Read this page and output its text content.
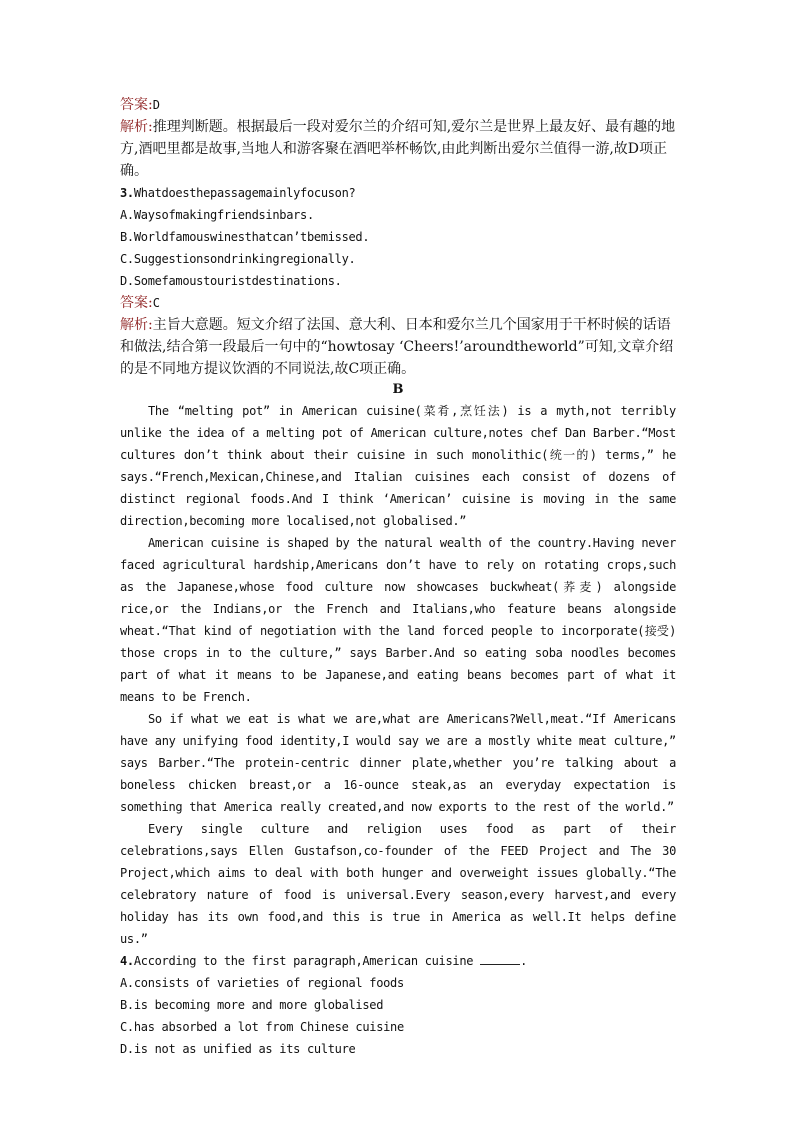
答案:D

解析:推理判断题。根据最后一段对爱尔兰的介绍可知,爱尔兰是世界上最友好、最有趣的地方,酒吧里都是故事,当地人和游客聚在酒吧举杯畅饮,由此判断出爱尔兰值得一游,故D项正确。

3.Whatdoesthepassagemainlyfocuson?

A.Waysofmakingfriendsinbars.

B.Worldfamouswinesthatcan’tbemissed.

C.Suggestionsondrinkingregionally.

D.Somefamoustouristdestinations.

答案:C

解析:主旨大意题。短文介绍了法国、意大利、日本和爱尔兰几个国家用于干杯时候的话语和做法,结合第一段最后一句中的“howtosay ‘Cheers!’aroundtheworld”可知,文章介绍的是不同地方提议饮酒的不同说法,故C项正确。

B

The “melting pot” in American cuisine(菜肴,烹饪法) is a myth,not terribly unlike the idea of a melting pot of American culture,notes chef Dan Barber.“Most cultures don’t think about their cuisine in such monolithic(统一的) terms,” he says.“French,Mexican,Chinese,and Italian cuisines each consist of dozens of distinct regional foods.And I think ‘American’ cuisine is moving in the same direction,becoming more localised,not globalised.”

American cuisine is shaped by the natural wealth of the country.Having never faced agricultural hardship,Americans don’t have to rely on rotating crops,such as the Japanese,whose food culture now showcases buckwheat(荞麦) alongside rice,or the Indians,or the French and Italians,who feature beans alongside wheat.“That kind of negotiation with the land forced people to incorporate(接受) those crops in to the culture,” says Barber.And so eating soba noodles becomes part of what it means to be Japanese,and eating beans becomes part of what it means to be French.

So if what we eat is what we are,what are Americans?Well,meat.“If Americans have any unifying food identity,I would say we are a mostly white meat culture,” says Barber.“The protein-centric dinner plate,whether you’re talking about a boneless chicken breast,or a 16-ounce steak,as an everyday expectation is something that America really created,and now exports to the rest of the world.”

Every single culture and religion uses food as part of their celebrations,says Ellen Gustafson,co-founder of the FEED Project and The 30 Project,which aims to deal with both hunger and overweight issues globally.“The celebratory nature of food is universal.Every season,every harvest,and every holiday has its own food,and this is true in America as well.It helps define us.”

4.According to the first paragraph,American cuisine	.

A.consists of varieties of regional foods

B.is becoming more and more globalised

C.has absorbed a lot from Chinese cuisine

D.is not as unified as its culture
